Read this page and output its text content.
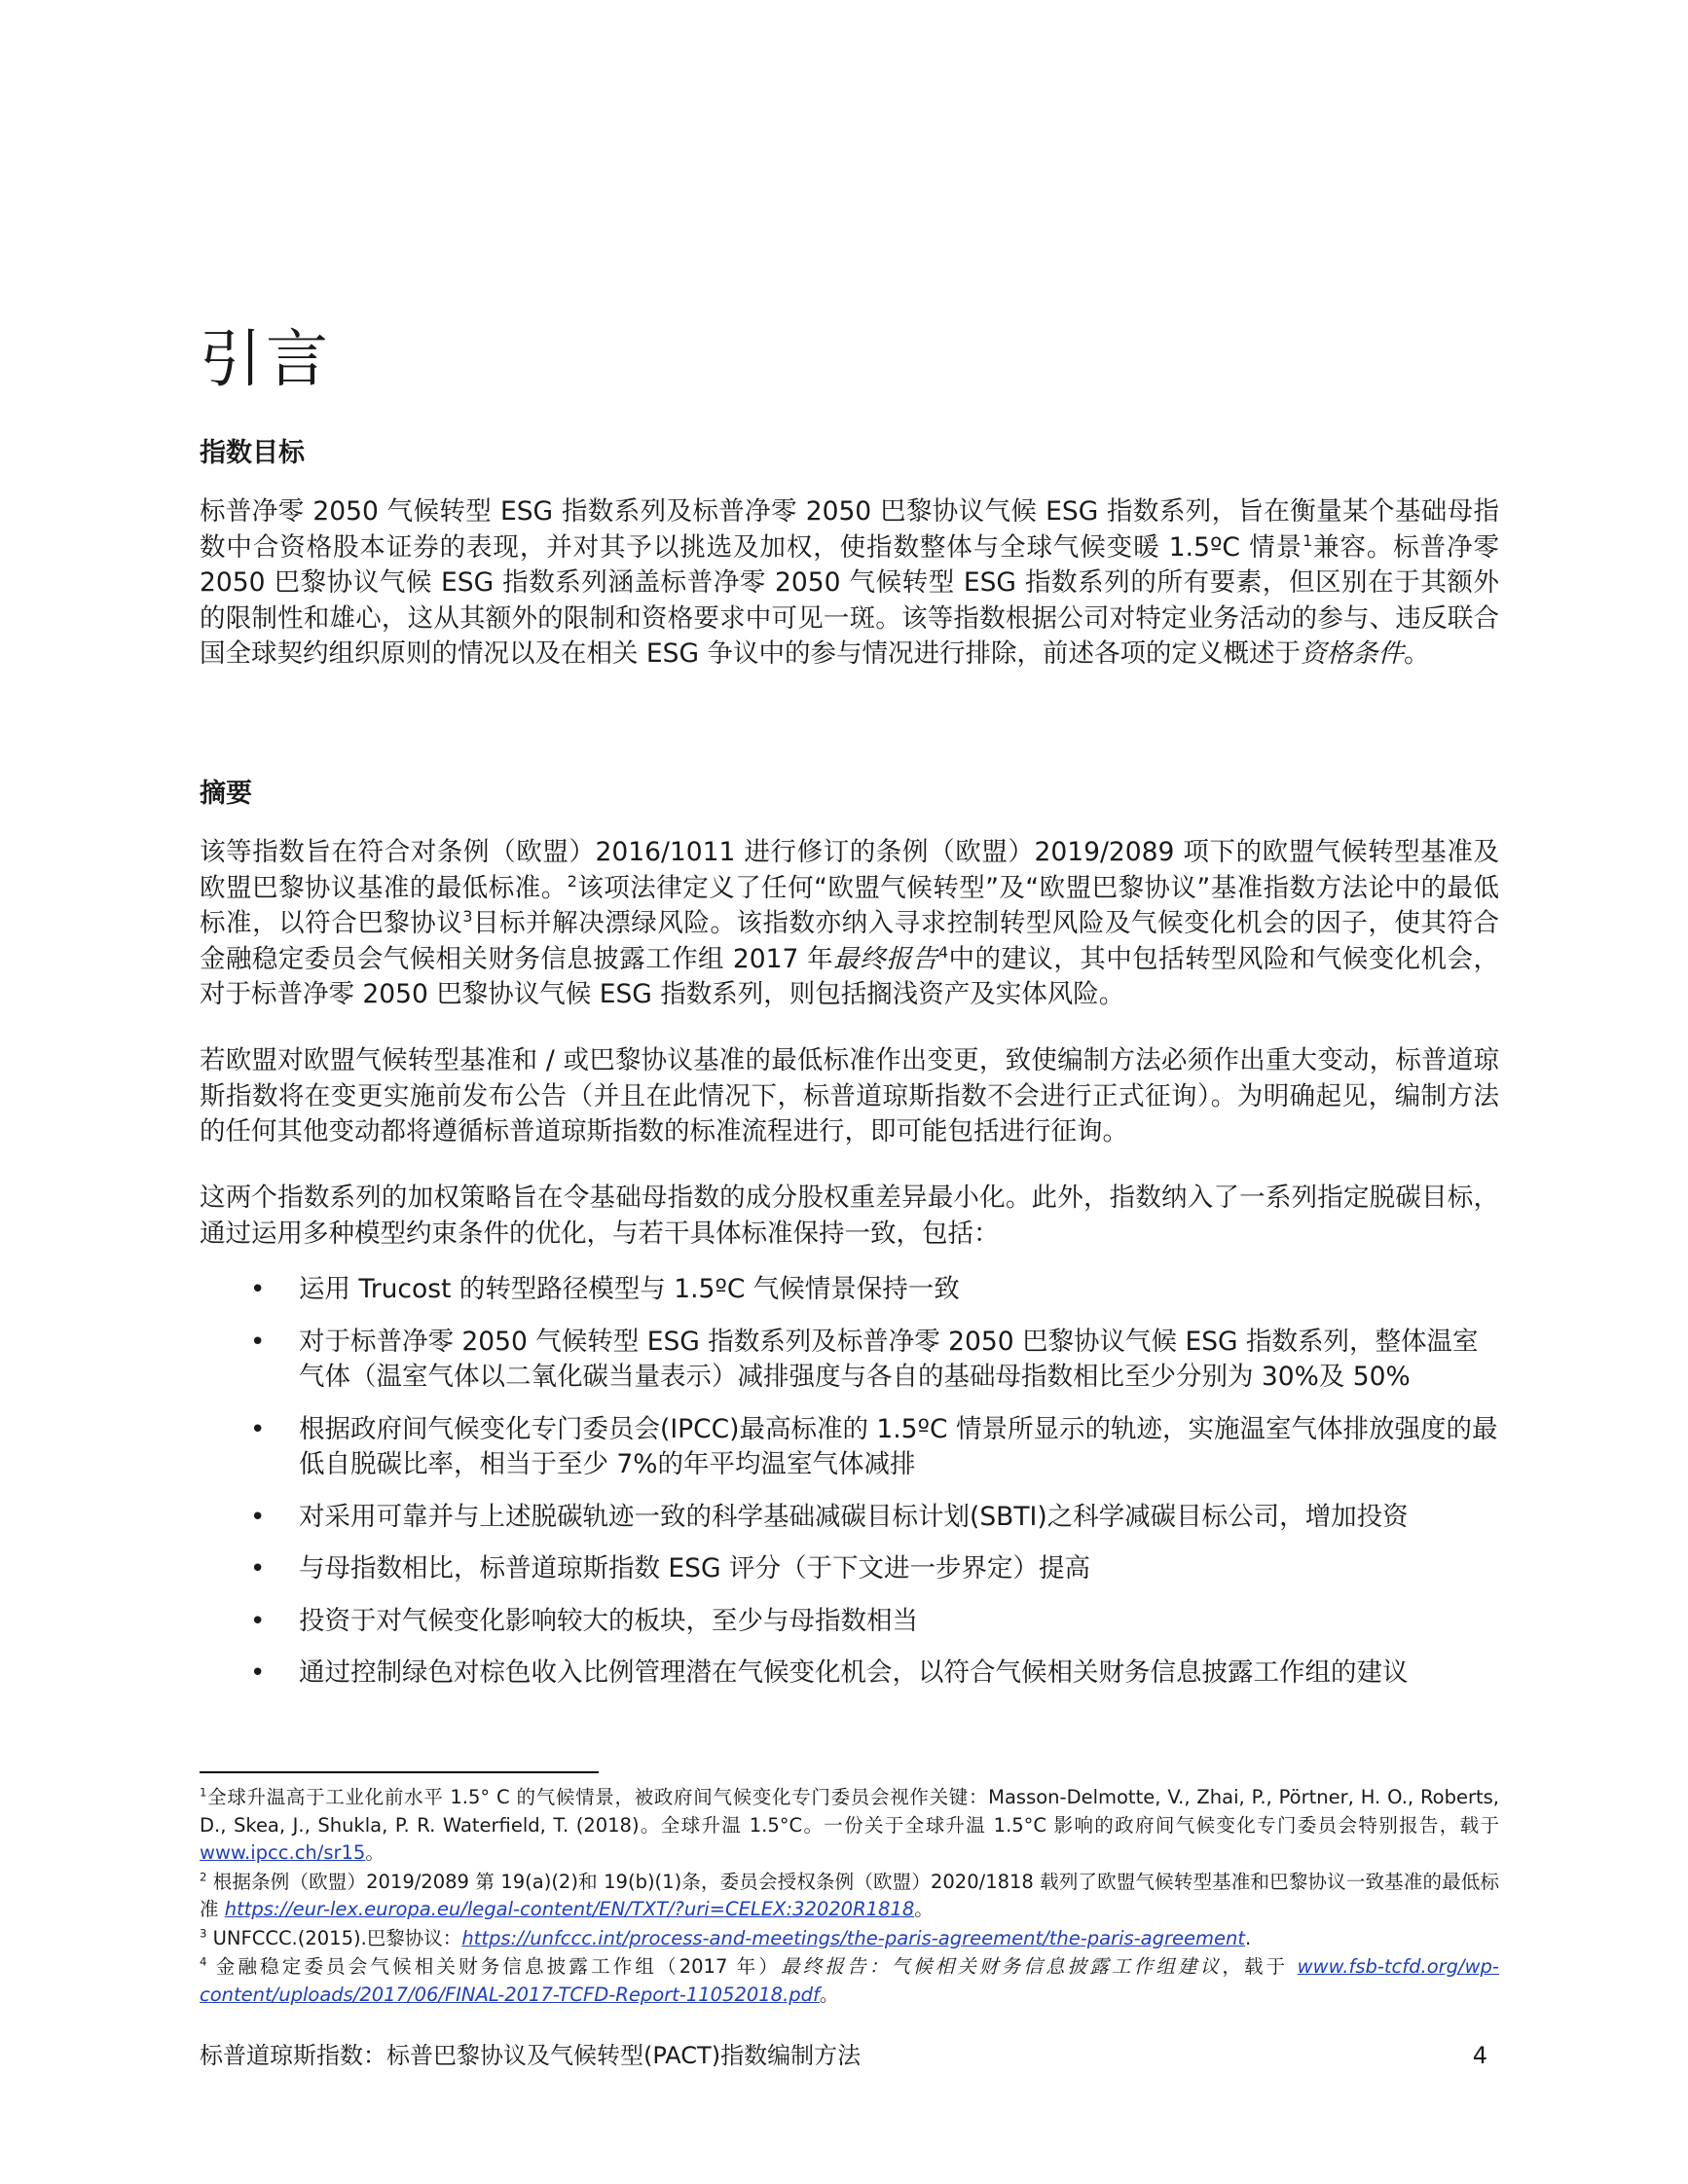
引言
指数目标

标普净零 2050 气候转型 ESG 指数系列及标普净零 2050 巴黎协议气候 ESG 指数系列，旨在衡量某个基础母指数中合资格股本证券的表现，并对其予以挑选及加权，使指数整体与全球气候变暖 1.5ºC 情景$^1$兼容。标普净零 2050 巴黎协议气候 ESG 指数系列涵盖标普净零 2050 气候转型 ESG 指数系列的所有要素，但区别在于其额外的限制性和雄心，这从其额外的限制和资格要求中可见一斑。该等指数根据公司对特定业务活动的参与、违反联合国全球契约组织原则的情况以及在相关 ESG 争议中的参与情况进行排除，前述各项的定义概述于资格条件。

摘要

该等指数旨在符合对条例（欧盟）2016/1011 进行修订的条例（欧盟）2019/2089 项下的欧盟气候转型基准及欧盟巴黎协议基准的最低标准。$^2$该项法律定义了任何“欧盟气候转型”及“欧盟巴黎协议”基准指数方法论中的最低标准，以符合巴黎协议$^3$目标并解决漂绿风险。该指数亦纳入寻求控制转型风险及气候变化机会的因子，使其符合金融稳定委员会气候相关财务信息披露工作组 2017 年最终报告$^4$中的建议，其中包括转型风险和气候变化机会，对于标普净零 2050 巴黎协议气候 ESG 指数系列，则包括搁浅资产及实体风险。

若欧盟对欧盟气候转型基准和 / 或巴黎协议基准的最低标准作出变更，致使编制方法必须作出重大变动，标普道琼斯指数将在变更实施前发布公告（并且在此情况下，标普道琼斯指数不会进行正式征询）。为明确起见，编制方法的任何其他变动都将遵循标普道琼斯指数的标准流程进行，即可能包括进行征询。

这两个指数系列的加权策略旨在令基础母指数的成分股权重差异最小化。此外，指数纳入了一系列指定脱碳目标，通过运用多种模型约束条件的优化，与若干具体标准保持一致，包括：

• 运用 Trucost 的转型路径模型与 1.5ºC 气候情景保持一致
• 对于标普净零 2050 气候转型 ESG 指数系列及标普净零 2050 巴黎协议气候 ESG 指数系列，整体温室气体（温室气体以二氧化碳当量表示）减排强度与各自的基础母指数相比至少分别为 30%及 50%
• 根据政府间气候变化专门委员会(IPCC)最高标准的 1.5ºC 情景所显示的轨迹，实施温室气体排放强度的最低自脱碳比率，相当于至少 7%的年平均温室气体减排
• 对采用可靠并与上述脱碳轨迹一致的科学基础减碳目标计划(SBTI)之科学减碳目标公司，增加投资
• 与母指数相比，标普道琼斯指数 ESG 评分（于下文进一步界定）提高
• 投资于对气候变化影响较大的板块，至少与母指数相当
• 通过控制绿色对棕色收入比例管理潜在气候变化机会，以符合气候相关财务信息披露工作组的建议

$^1$全球升温高于工业化前水平 1.5° C 的气候情景，被政府间气候变化专门委员会视作关键：Masson-Delmotte, V., Zhai, P., Pörtner, H. O., Roberts, D., Skea, J., Shukla, P. R. Waterfield, T. (2018)。全球升温 1.5°C。一份关于全球升温 1.5°C 影响的政府间气候变化专门委员会特别报告，载于 www.ipcc.ch/sr15。

$^2$ 根据条例（欧盟）2019/2089 第 19(a)(2)和 19(b)(1)条，委员会授权条例（欧盟）2020/1818 载列了欧盟气候转型基准和巴黎协议一致基准的最低标准 https://eur-lex.europa.eu/legal-content/EN/TXT/?uri=CELEX:32020R1818。

$^3$ UNFCCC.(2015).巴黎协议：https://unfccc.int/process-and-meetings/the-paris-agreement/the-paris-agreement.

$^4$ 金融稳定委员会气候相关财务信息披露工作组（2017 年）最终报告：气候相关财务信息披露工作组建议，载于 www.fsb-tcfd.org/wp-content/uploads/2017/06/FINAL-2017-TCFD-Report-11052018.pdf。

标普道琼斯指数：标普巴黎协议及气候转型(PACT)指数编制方法	4
